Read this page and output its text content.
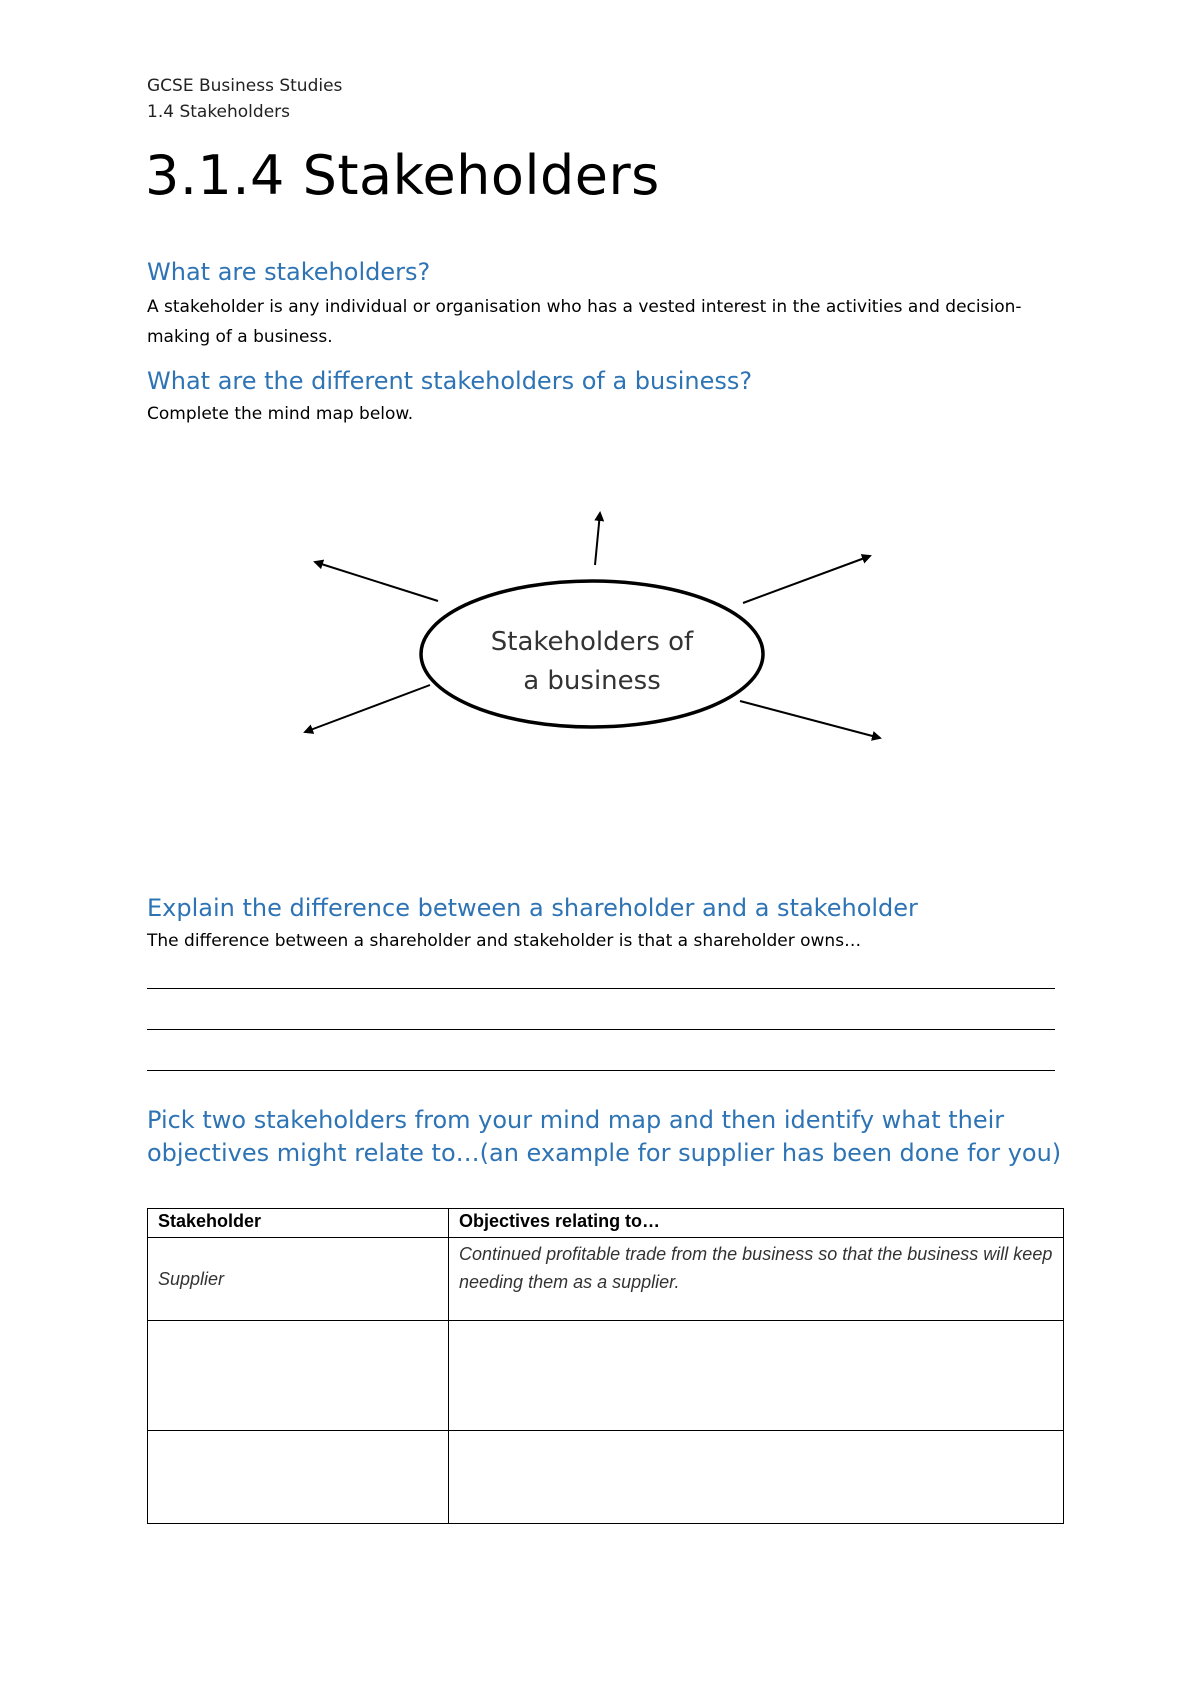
GCSE Business Studies
1.4 Stakeholders
3.1.4 Stakeholders
What are stakeholders?

A stakeholder is any individual or organisation who has a vested interest in the activities and decision-making of a business.

What are the different stakeholders of a business?

Complete the mind map below.

Stakeholders of
a business
Explain the difference between a shareholder and a stakeholder

The difference between a shareholder and stakeholder is that a shareholder owns…

Pick two stakeholders from your mind map and then identify what their objectives might relate to…(an example for supplier has been done for you)
Stakeholder	Objectives relating to…
Supplier	Continued profitable trade from the business so that the business will keep needing them as a supplier.
